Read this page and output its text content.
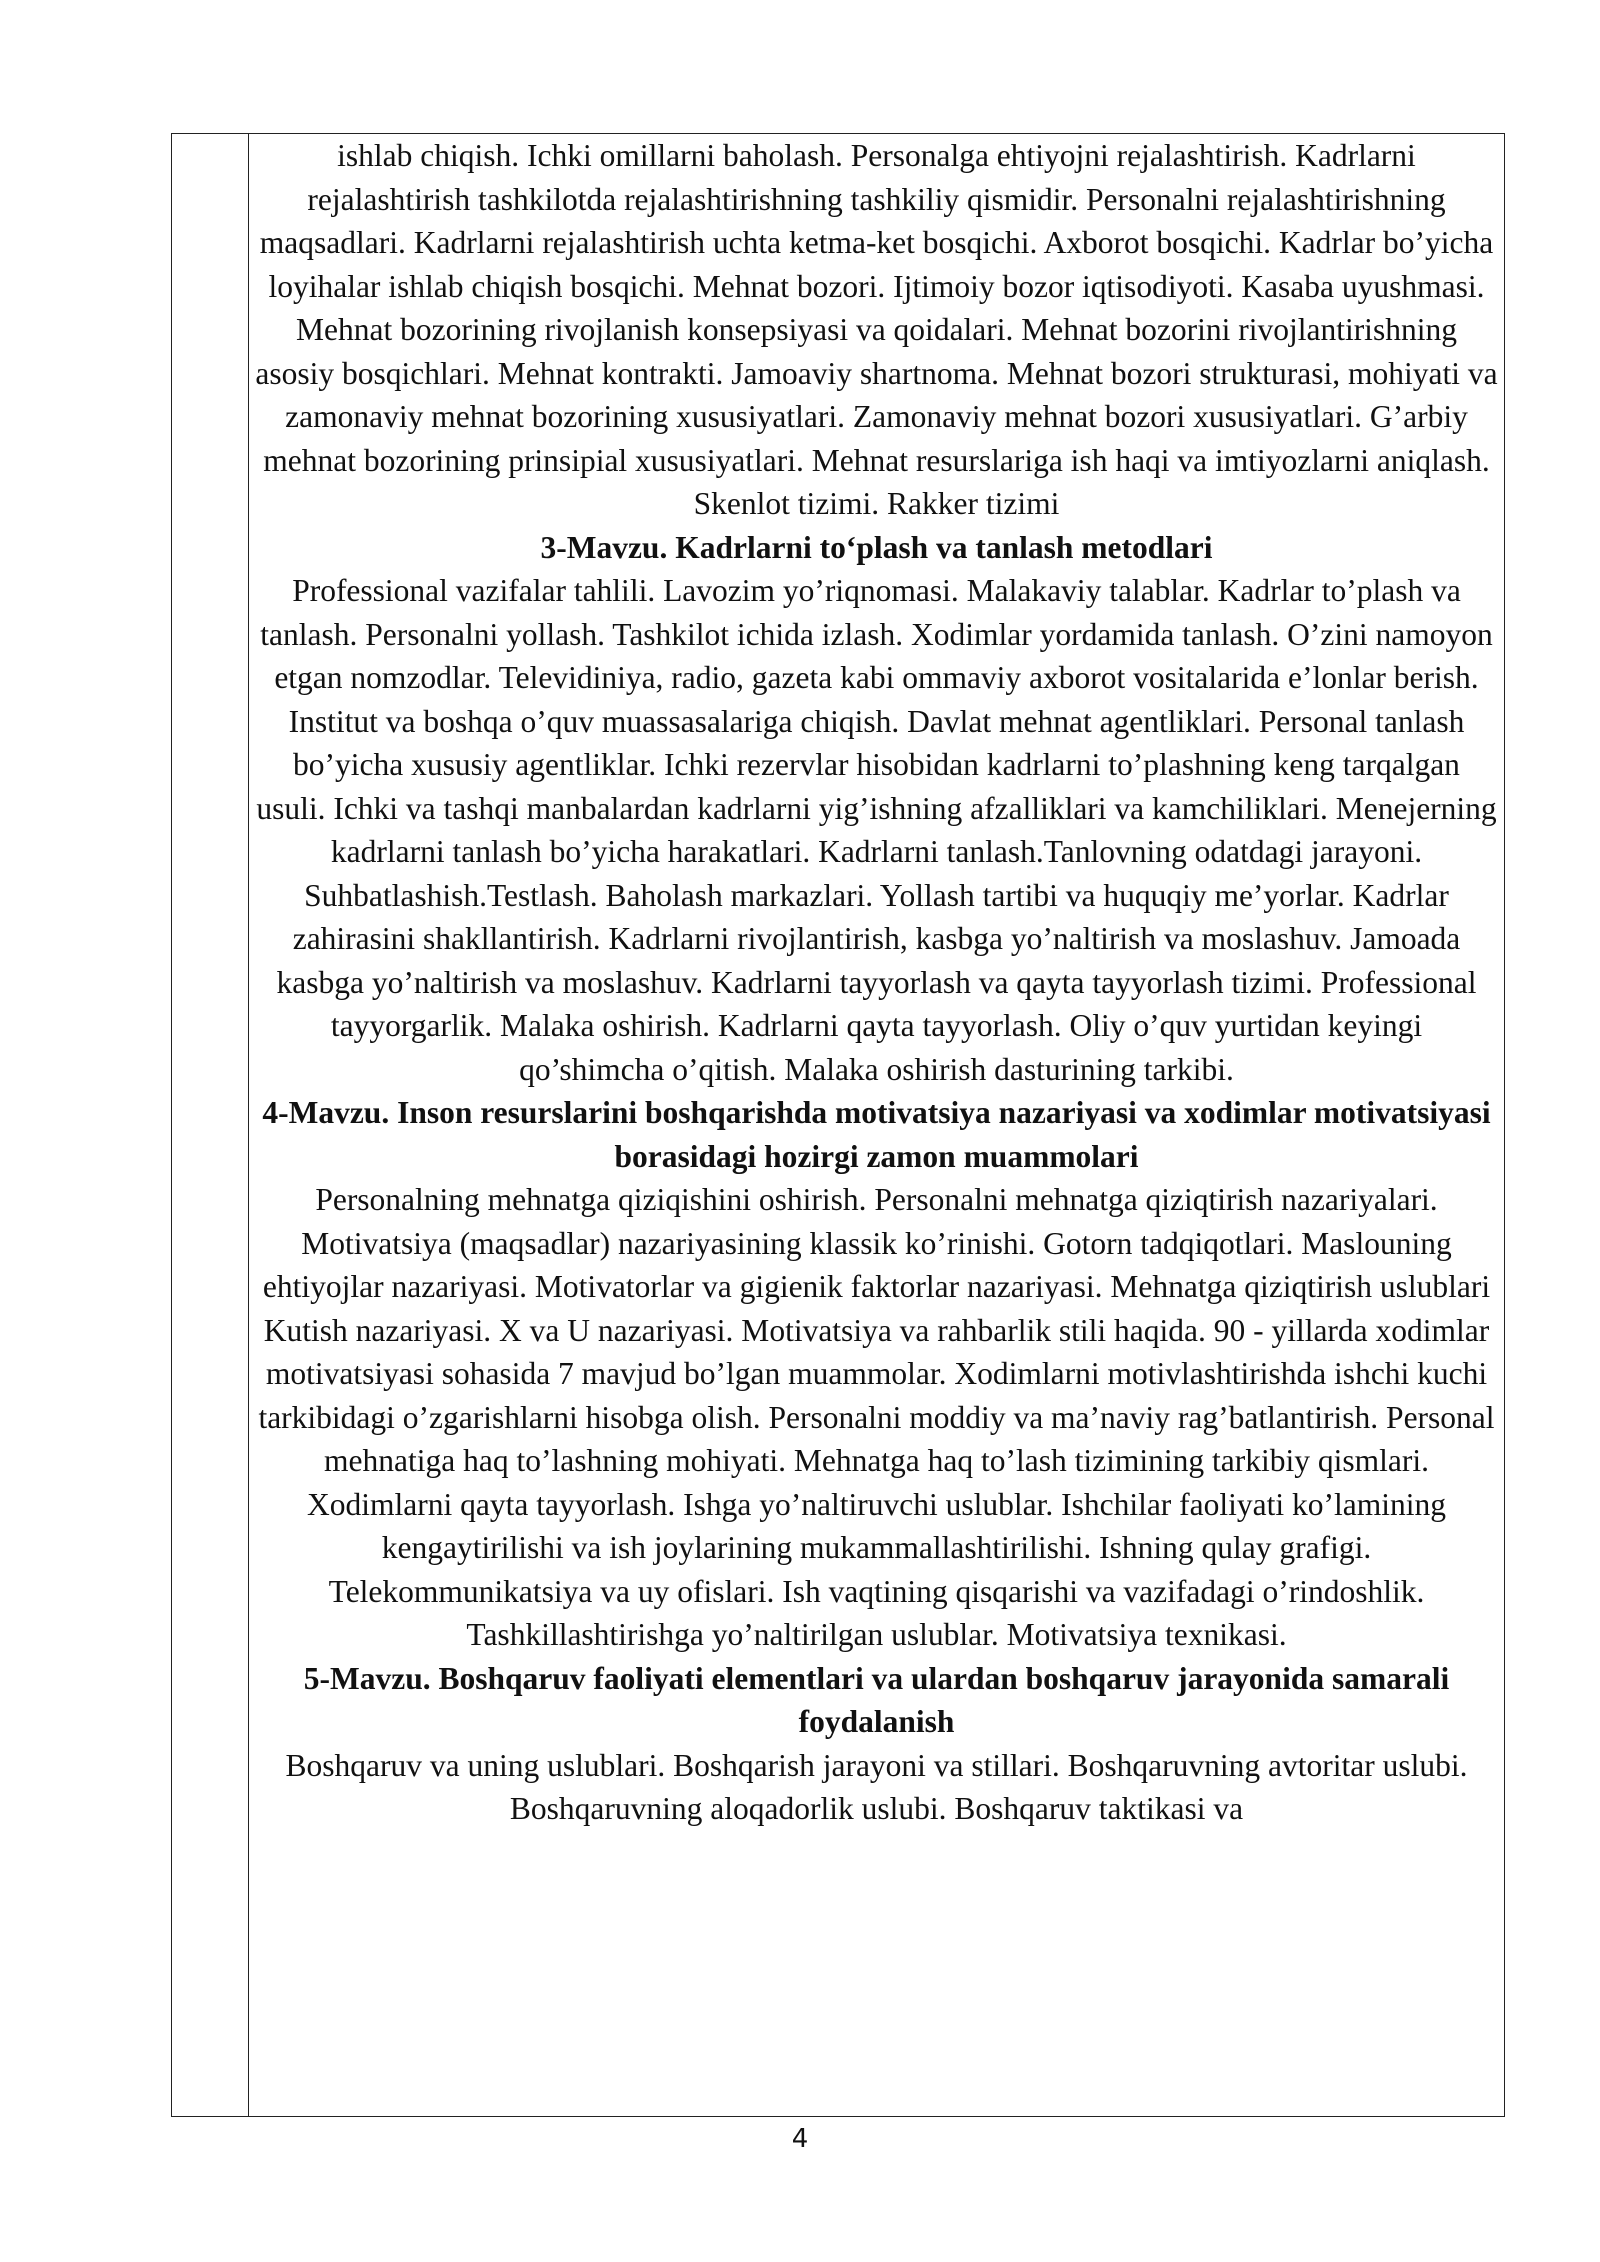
ishlab chiqish. Ichki omillarni baholash. Personalga ehtiyojni rejalashtirish. Kadrlarni rejalashtirish tashkilotda rejalashtirishning tashkiliy qismidir. Personalni rejalashtirishning maqsadlari. Kadrlarni rejalashtirish uchta ketma-ket bosqichi. Axborot bosqichi. Kadrlar bo’yicha loyihalar ishlab chiqish bosqichi. Mehnat bozori. Ijtimoiy bozor iqtisodiyoti. Kasaba uyushmasi. Mehnat bozorining rivojlanish konsepsiyasi va qoidalari. Mehnat bozorini rivojlantirishning asosiy bosqichlari. Mehnat kontrakti. Jamoaviy shartnoma. Mehnat bozori strukturasi, mohiyati va zamonaviy mehnat bozorining xususiyatlari. Zamonaviy mehnat bozori xususiyatlari. G’arbiy mehnat bozorining prinsipial xususiyatlari. Mehnat resurslariga ish haqi va imtiyozlarni aniqlash. Skenlot tizimi. Rakker tizimi

3-Mavzu. Kadrlarni to‘plash va tanlash metodlari

Professional vazifalar tahlili. Lavozim yo’riqnomasi. Malakaviy talablar. Kadrlar to’plash va tanlash. Personalni yollash. Tashkilot ichida izlash. Xodimlar yordamida tanlash. O’zini namoyon etgan nomzodlar. Televidiniya, radio, gazeta kabi ommaviy axborot vositalarida e’lonlar berish. Institut va boshqa o’quv muassasalariga chiqish. Davlat mehnat agentliklari. Personal tanlash bo’yicha xususiy agentliklar. Ichki rezervlar hisobidan kadrlarni to’plashning keng tarqalgan usuli. Ichki va tashqi manbalardan kadrlarni yig’ishning afzalliklari va kamchiliklari. Menejerning kadrlarni tanlash bo’yicha harakatlari. Kadrlarni tanlash.Tanlovning odatdagi jarayoni. Suhbatlashish.Testlash. Baholash markazlari. Yollash tartibi va huquqiy me’yorlar. Kadrlar zahirasini shakllantirish. Kadrlarni rivojlantirish, kasbga yo’naltirish va moslashuv. Jamoada kasbga yo’naltirish va moslashuv. Kadrlarni tayyorlash va qayta tayyorlash tizimi. Professional tayyorgarlik. Malaka oshirish. Kadrlarni qayta tayyorlash. Oliy o’quv yurtidan keyingi qo’shimcha o’qitish. Malaka oshirish dasturining tarkibi.

4-Mavzu. Inson resurslarini boshqarishda motivatsiya nazariyasi va xodimlar motivatsiyasi borasidagi hozirgi zamon muammolari

Personalning mehnatga qiziqishini oshirish. Personalni mehnatga qiziqtirish nazariyalari. Motivatsiya (maqsadlar) nazariyasining klassik ko’rinishi. Gotorn tadqiqotlari. Maslouning ehtiyojlar nazariyasi. Motivatorlar va gigienik faktorlar nazariyasi. Mehnatga qiziqtirish uslublari Kutish nazariyasi. X va U nazariyasi. Motivatsiya va rahbarlik stili haqida. 90 - yillarda xodimlar motivatsiyasi sohasida 7 mavjud bo’lgan muammolar. Xodimlarni motivlashtirishda ishchi kuchi tarkibidagi o’zgarishlarni hisobga olish. Personalni moddiy va ma’naviy rag’batlantirish. Personal mehnatiga haq to’lashning mohiyati. Mehnatga haq to’lash tizimining tarkibiy qismlari. Xodimlarni qayta tayyorlash. Ishga yo’naltiruvchi uslublar. Ishchilar faoliyati ko’lamining kengaytirilishi va ish joylarining mukammallashtirilishi. Ishning qulay grafigi. Telekommunikatsiya va uy ofislari. Ish vaqtining qisqarishi va vazifadagi o’rindoshlik. Tashkillashtirishga yo’naltirilgan uslublar. Motivatsiya texnikasi.

5-Mavzu. Boshqaruv faoliyati elementlari va ulardan boshqaruv jarayonida samarali foydalanish

Boshqaruv va uning uslublari. Boshqarish jarayoni va stillari. Boshqaruvning avtoritar uslubi. Boshqaruvning aloqadorlik uslubi. Boshqaruv taktikasi va

4
